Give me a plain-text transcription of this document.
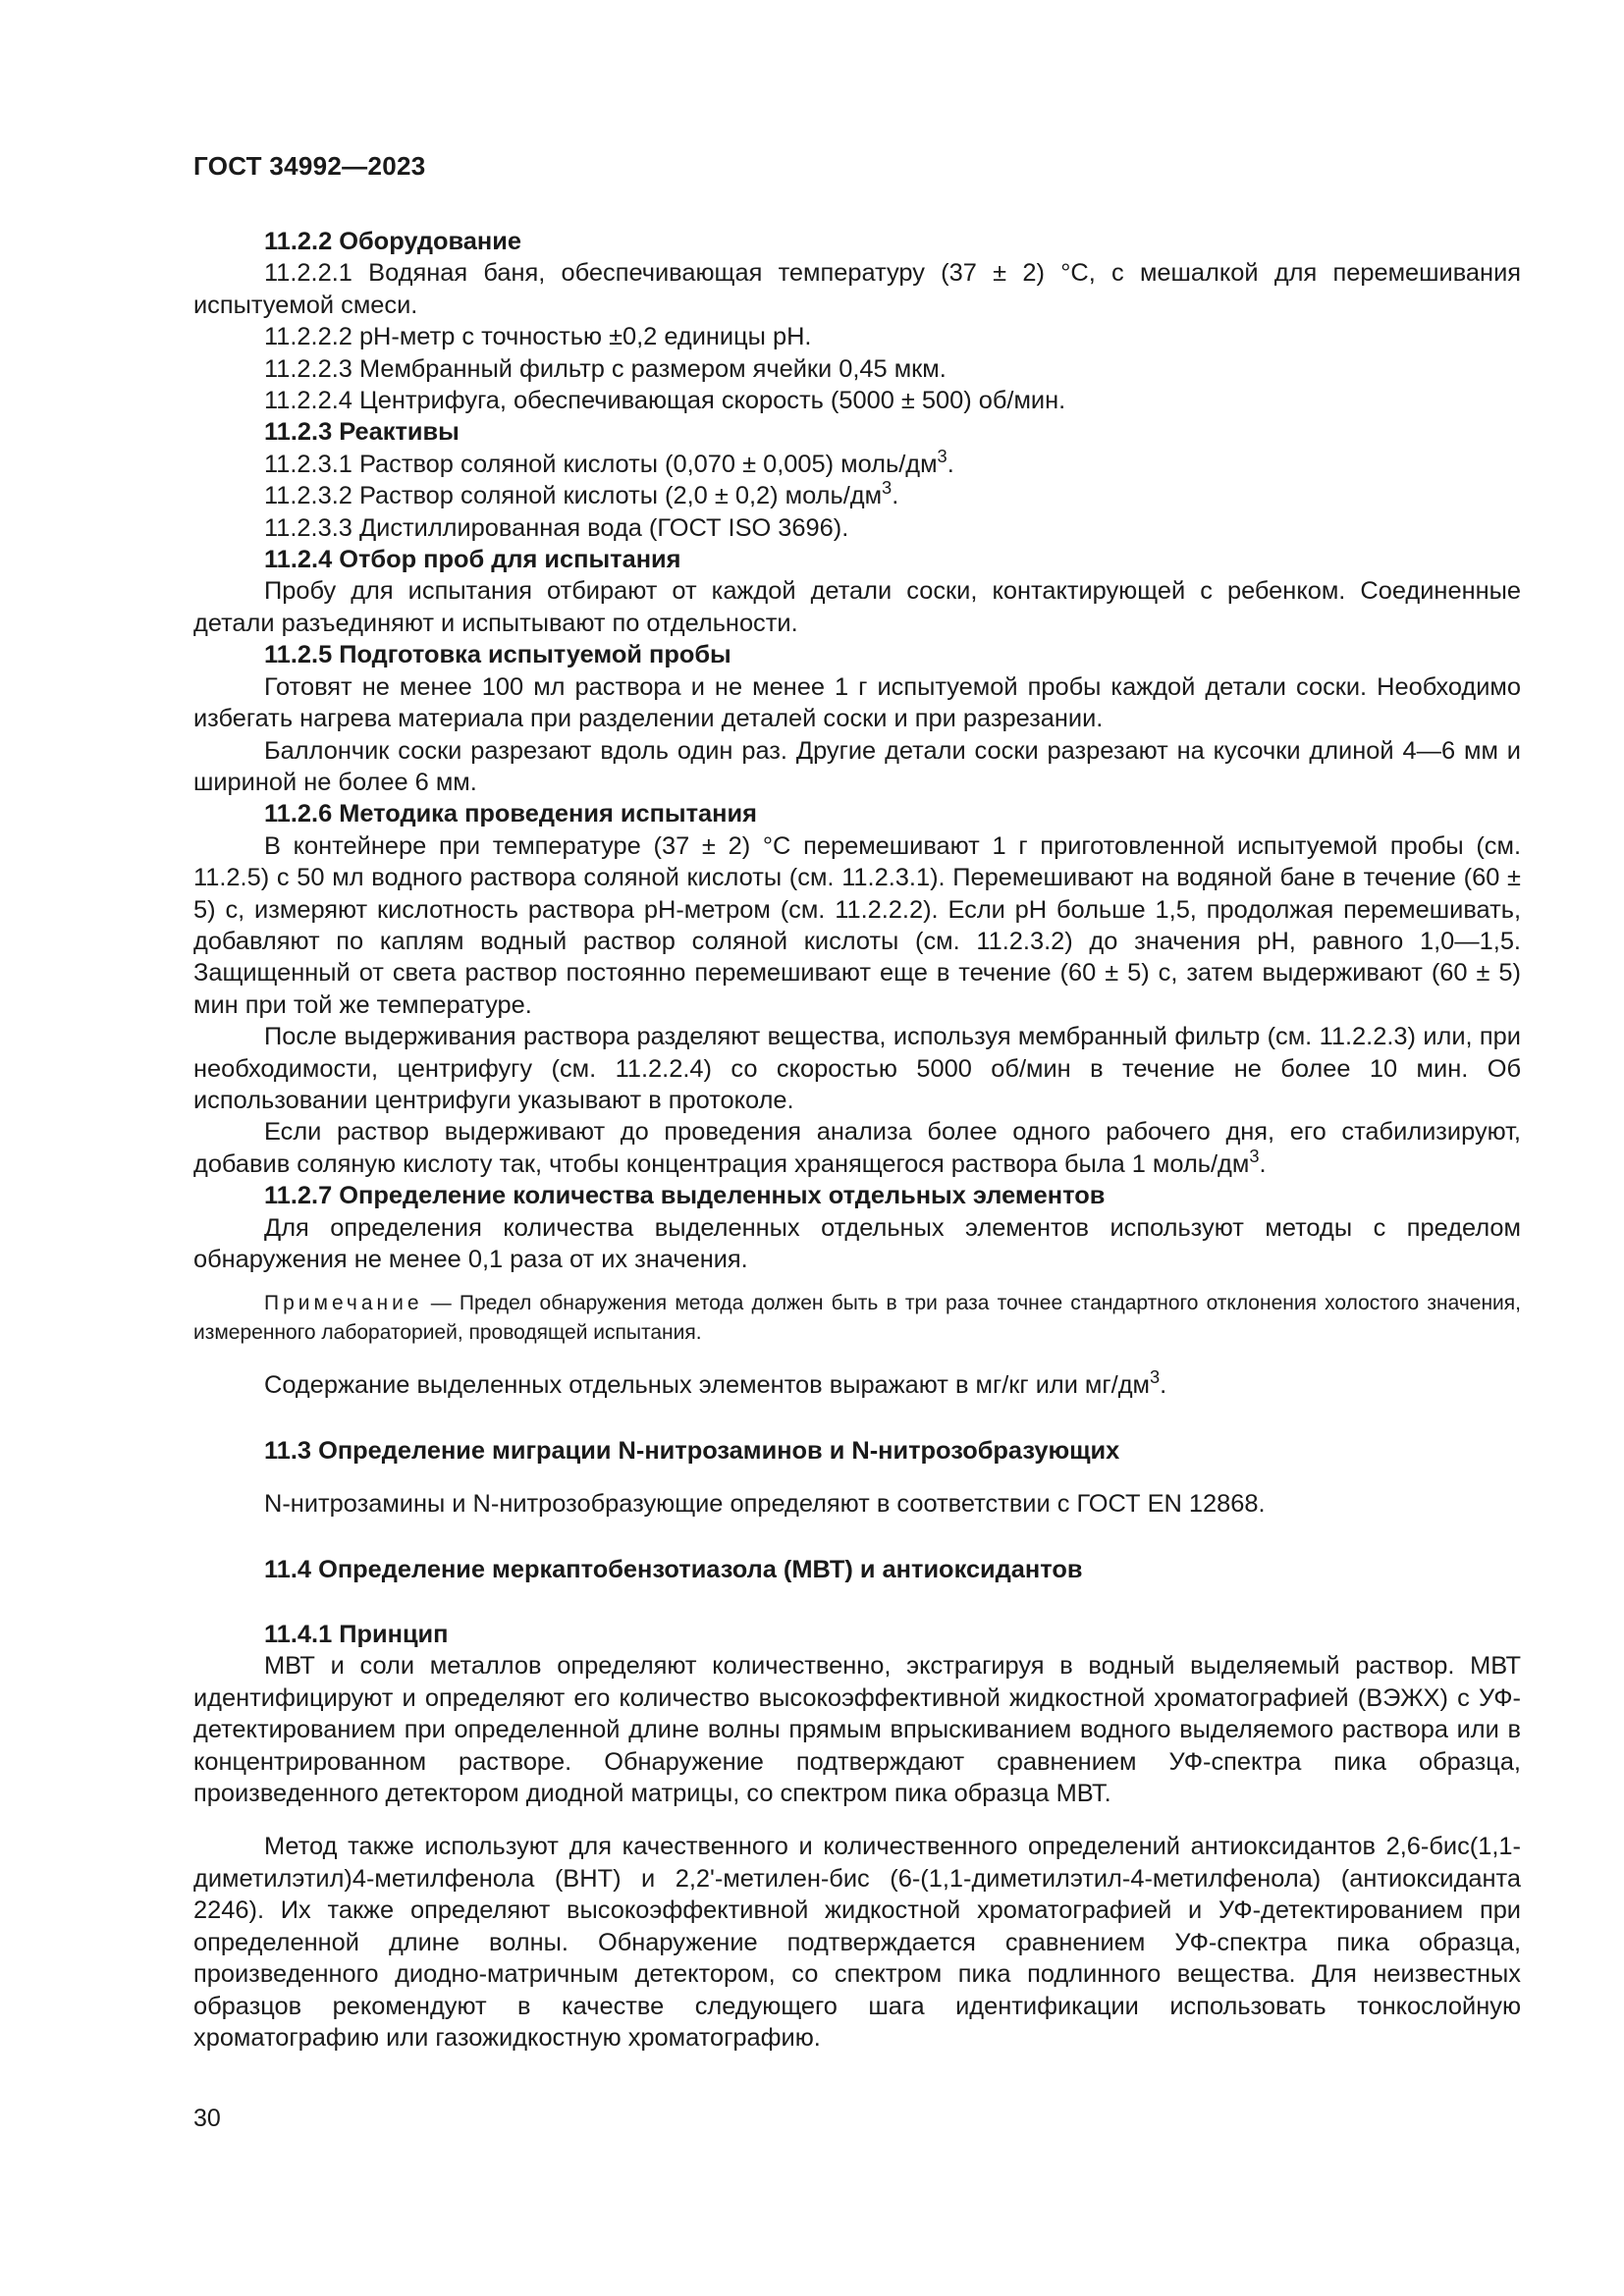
ГОСТ 34992—2023

11.2.2 Оборудование

11.2.2.1 Водяная баня, обеспечивающая температуру (37 ± 2) °С, с мешалкой для перемешивания испытуемой смеси.

11.2.2.2 рН-метр с точностью ±0,2 единицы рН.

11.2.2.3 Мембранный фильтр с размером ячейки 0,45 мкм.

11.2.2.4 Центрифуга, обеспечивающая скорость (5000 ± 500) об/мин.

11.2.3 Реактивы

11.2.3.1 Раствор соляной кислоты (0,070 ± 0,005) моль/$дм^3$.

11.2.3.2 Раствор соляной кислоты (2,0 ± 0,2) моль/$дм^3$.

11.2.3.3 Дистиллированная вода (ГОСТ ISO 3696).

11.2.4 Отбор проб для испытания

Пробу для испытания отбирают от каждой детали соски, контактирующей с ребенком. Соединенные детали разъединяют и испытывают по отдельности.

11.2.5 Подготовка испытуемой пробы

Готовят не менее 100 мл раствора и не менее 1 г испытуемой пробы каждой детали соски. Необходимо избегать нагрева материала при разделении деталей соски и при разрезании.

Баллончик соски разрезают вдоль один раз. Другие детали соски разрезают на кусочки длиной 4—6 мм и шириной не более 6 мм.

11.2.6 Методика проведения испытания

В контейнере при температуре (37 ± 2) °С перемешивают 1 г приготовленной испытуемой пробы (см. 11.2.5) с 50 мл водного раствора соляной кислоты (см. 11.2.3.1). Перемешивают на водяной бане в течение (60 ± 5) с, измеряют кислотность раствора рН-метром (см. 11.2.2.2). Если рН больше 1,5, продолжая перемешивать, добавляют по каплям водный раствор соляной кислоты (см. 11.2.3.2) до значения рН, равного 1,0—1,5. Защищенный от света раствор постоянно перемешивают еще в течение (60 ± 5) с, затем выдерживают (60 ± 5) мин при той же температуре.

После выдерживания раствора разделяют вещества, используя мембранный фильтр (см. 11.2.2.3) или, при необходимости, центрифугу (см. 11.2.2.4) со скоростью 5000 об/мин в течение не более 10 мин. Об использовании центрифуги указывают в протоколе.

Если раствор выдерживают до проведения анализа более одного рабочего дня, его стабилизируют, добавив соляную кислоту так, чтобы концентрация хранящегося раствора была 1 моль/$дм^3$.

11.2.7 Определение количества выделенных отдельных элементов

Для определения количества выделенных отдельных элементов используют методы с пределом обнаружения не менее 0,1 раза от их значения.

Примечание — Предел обнаружения метода должен быть в три раза точнее стандартного отклонения холостого значения, измеренного лабораторией, проводящей испытания.

Содержание выделенных отдельных элементов выражают в мг/кг или $мг/дм^3$.

11.3 Определение миграции N-нитрозаминов и N-нитрозобразующих

N-нитрозамины и N-нитрозобразующие определяют в соответствии с ГОСТ EN 12868.

11.4 Определение меркаптобензотиазола (МВТ) и антиоксидантов

11.4.1 Принцип

МВТ и соли металлов определяют количественно, экстрагируя в водный выделяемый раствор. МВТ идентифицируют и определяют его количество высокоэффективной жидкостной хроматографией (ВЭЖХ) с УФ-детектированием при определенной длине волны прямым впрыскиванием водного выделяемого раствора или в концентрированном растворе. Обнаружение подтверждают сравнением УФ-спектра пика образца, произведенного детектором диодной матрицы, со спектром пика образца МВТ.

Метод также используют для качественного и количественного определений антиоксидантов 2,6-бис(1,1-диметилэтил)4-метилфенола (ВНТ) и 2,2'-метилен-бис (6-(1,1-диметилэтил-4-метилфенола) (антиоксиданта 2246). Их также определяют высокоэффективной жидкостной хроматографией и УФ-детектированием при определенной длине волны. Обнаружение подтверждается сравнением УФ-спектра пика образца, произведенного диодно-матричным детектором, со спектром пика подлинного вещества. Для неизвестных образцов рекомендуют в качестве следующего шага идентификации использовать тонкослойную хроматографию или газожидкостную хроматографию.

30
